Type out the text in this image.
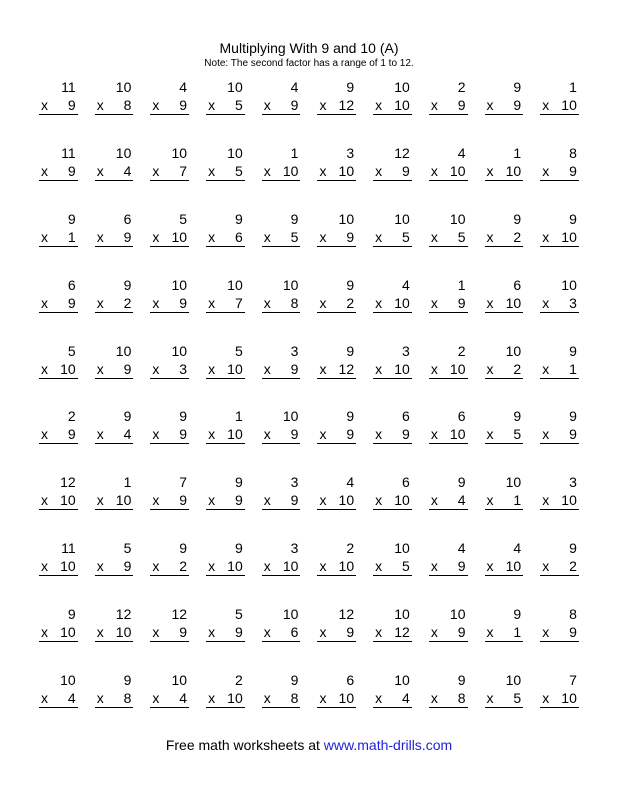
Multiplying With 9 and 10 (A)
Note: The second factor has a range of 1 to 12.
11
x 9
10
x 8
4
x 9
10
x 5
4
x 9
9
x 12
10
x 10
2
x 9
9
x 9
1
x 10
11
x 9
10
x 4
10
x 7
10
x 5
1
x 10
3
x 10
12
x 9
4
x 10
1
x 10
8
x 9
9
x 1
6
x 9
5
x 10
9
x 6
9
x 5
10
x 9
10
x 5
10
x 5
9
x 2
9
x 10
6
x 9
9
x 2
10
x 9
10
x 7
10
x 8
9
x 2
4
x 10
1
x 9
6
x 10
10
x 3
5
x 10
10
x 9
10
x 3
5
x 10
3
x 9
9
x 12
3
x 10
2
x 10
10
x 2
9
x 1
2
x 9
9
x 4
9
x 9
1
x 10
10
x 9
9
x 9
6
x 9
6
x 10
9
x 5
9
x 9
12
x 10
1
x 10
7
x 9
9
x 9
3
x 9
4
x 10
6
x 10
9
x 4
10
x 1
3
x 10
11
x 10
5
x 9
9
x 2
9
x 10
3
x 10
2
x 10
10
x 5
4
x 9
4
x 10
9
x 2
9
x 10
12
x 10
12
x 9
5
x 9
10
x 6
12
x 9
10
x 12
10
x 9
9
x 1
8
x 9
10
x 4
9
x 8
10
x 4
2
x 10
9
x 8
6
x 10
10
x 4
9
x 8
10
x 5
7
x 10
Free math worksheets at www.math-drills.com
